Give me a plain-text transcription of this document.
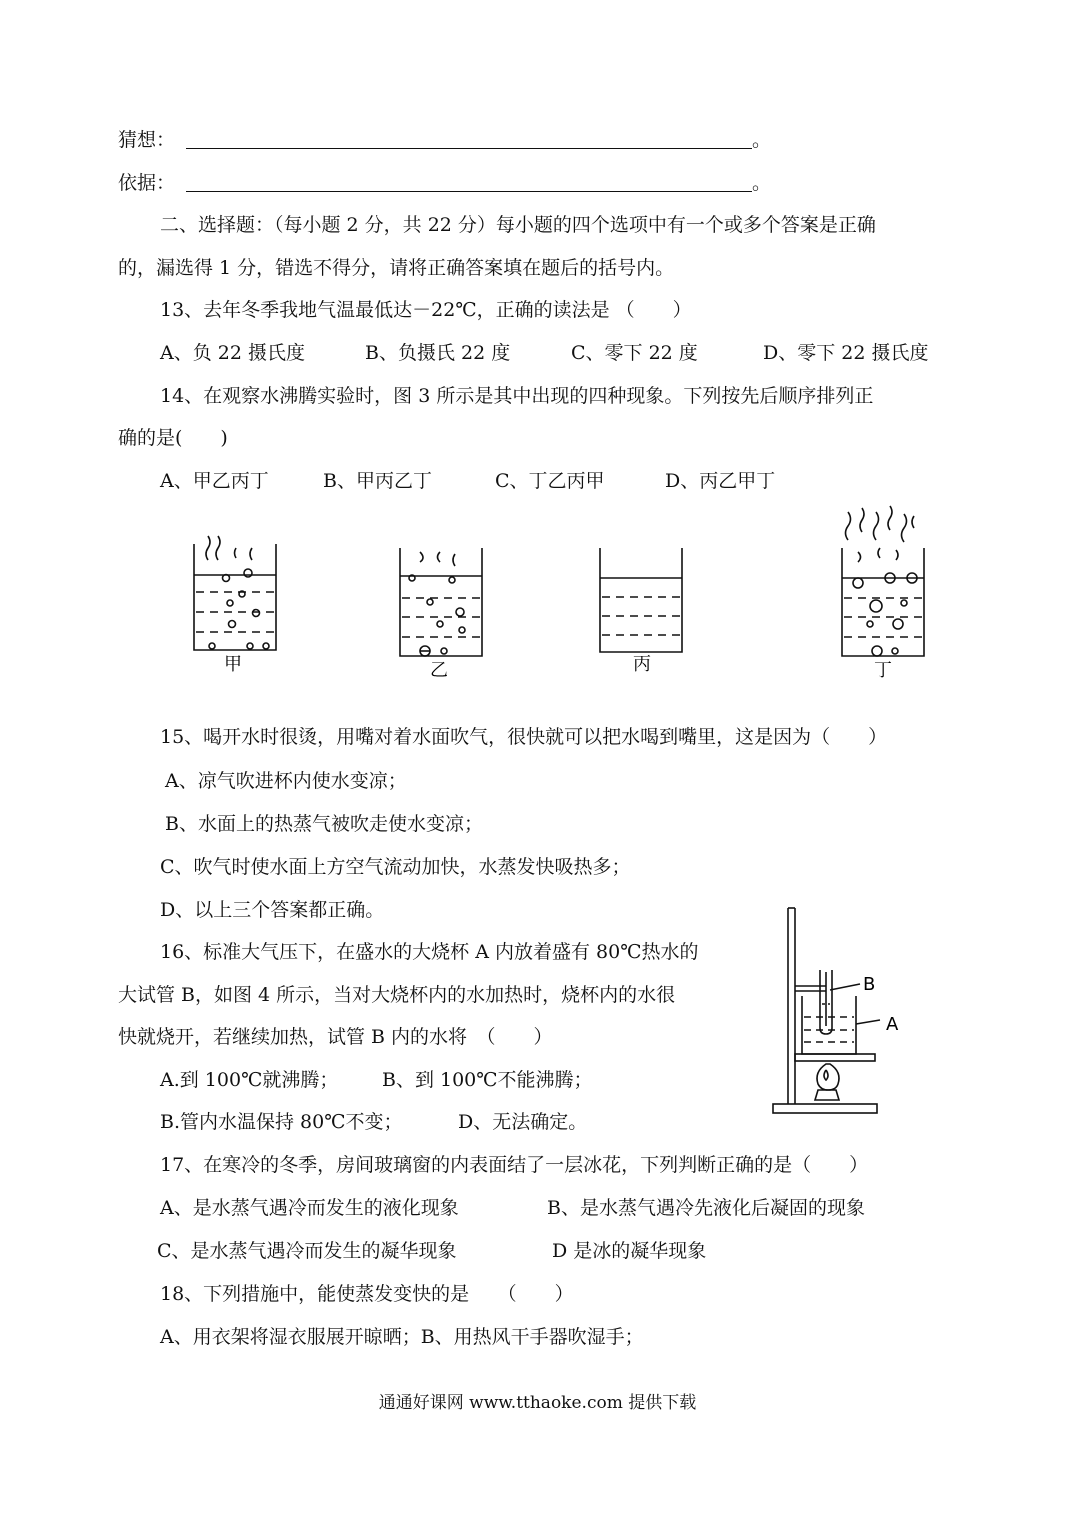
猜想：	。
依据：	。
二、选择题：（每小题 2 分，共 22 分）每小题的四个选项中有一个或多个答案是正确
的，漏选得 1 分，错选不得分，请将正确答案填在题后的括号内。
13、去年冬季我地气温最低达－22℃，正确的读法是 （　　）
A、负 22 摄氏度	B、负摄氏 22 度	C、零下 22 度	D、零下 22 摄氏度
14、在观察水沸腾实验时，图 3 所示是其中出现的四种现象。下列按先后顺序排列正
确的是(　　)
A、甲乙丙丁	B、甲丙乙丁	C、丁乙丙甲	D、丙乙甲丁
甲	乙	丙	丁
15、喝开水时很烫，用嘴对着水面吹气，很快就可以把水喝到嘴里，这是因为（　　）
A、凉气吹进杯内使水变凉；
B、水面上的热蒸气被吹走使水变凉；
C、吹气时使水面上方空气流动加快，水蒸发快吸热多；
D、以上三个答案都正确。
16、标准大气压下，在盛水的大烧杯 A 内放着盛有 80℃热水的
大试管 B，如图 4 所示，当对大烧杯内的水加热时，烧杯内的水很
快就烧开，若继续加热，试管 B 内的水将　（　　）
A.到 100℃就沸腾； B、到 100℃不能沸腾；
B.管内水温保持 80℃不变；	D、无法确定。
B
A
17、在寒冷的冬季，房间玻璃窗的内表面结了一层冰花，下列判断正确的是（　　）
A、是水蒸气遇冷而发生的液化现象	B、是水蒸气遇冷先液化后凝固的现象
C、是水蒸气遇冷而发生的凝华现象	D 是冰的凝华现象
18、下列措施中，能使蒸发变快的是　　（　　）
A、用衣架将湿衣服展开晾晒；B、用热风干手器吹湿手；
通通好课网 www.tthaoke.com 提供下载
